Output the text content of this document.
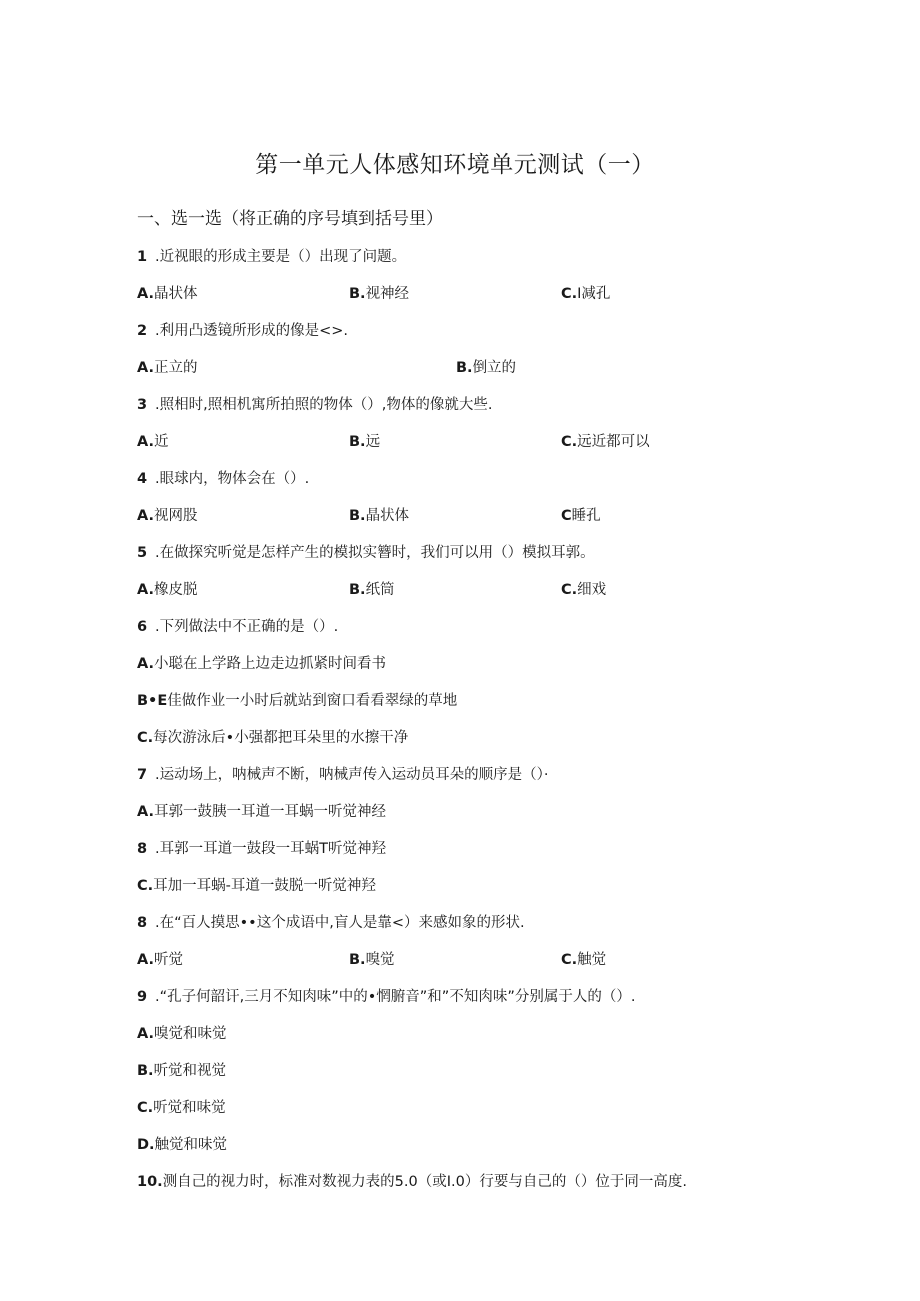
第一单元人体感知环境单元测试（一）
一、选一选（将正确的序号填到括号里）
1 .近视眼的形成主要是（）出现了问题。
A.晶状体	B.视神经	C.I减孔
2 .利用凸透镜所形成的像是<>.
A.正立的	B.倒立的
3 .照相时,照相机寓所拍照的物体（）,物体的像就大些.
A.近	B.远	C.远近都可以
4 .眼球内，物体会在（）.
A.视网股	B.晶状体	C睡孔
5 .在做探究听觉是怎样产生的模拟实簪时，我们可以用（）模拟耳郭。
A.橡皮脱	B.纸筒	C.细戏
6 .下列做法中不正确的是（）.
A.小聪在上学路上边走边抓紧时间看书
B•E佳做作业一小时后就站到窗口看看翠绿的草地
C.每次游泳后•小强都把耳朵里的水擦干净
7 .运动场上，呐械声不断，呐械声传入运动员耳朵的顺序是（）·
A.耳郭一鼓胰一耳道一耳蜗一听觉神经
8 .耳郭一耳道一鼓段一耳蜗T听觉神羟
C.耳加一耳蜗-耳道一鼓脱一听觉神羟
8 .在“百人摸思••这个成语中,盲人是靠<）来感如象的形状.
A.听觉	B.嗅觉	C.触觉
9 .“孔子何韶讦,三月不知肉味”中的•惘腑音”和”不知肉味”分别属于人的（）.
A.嗅觉和味觉
B.听觉和视觉
C.听觉和味觉
D.触觉和味觉
10.测自己的视力时，标准对数视力表的5.0（或I.0）行要与自己的（）位于同一高度.
